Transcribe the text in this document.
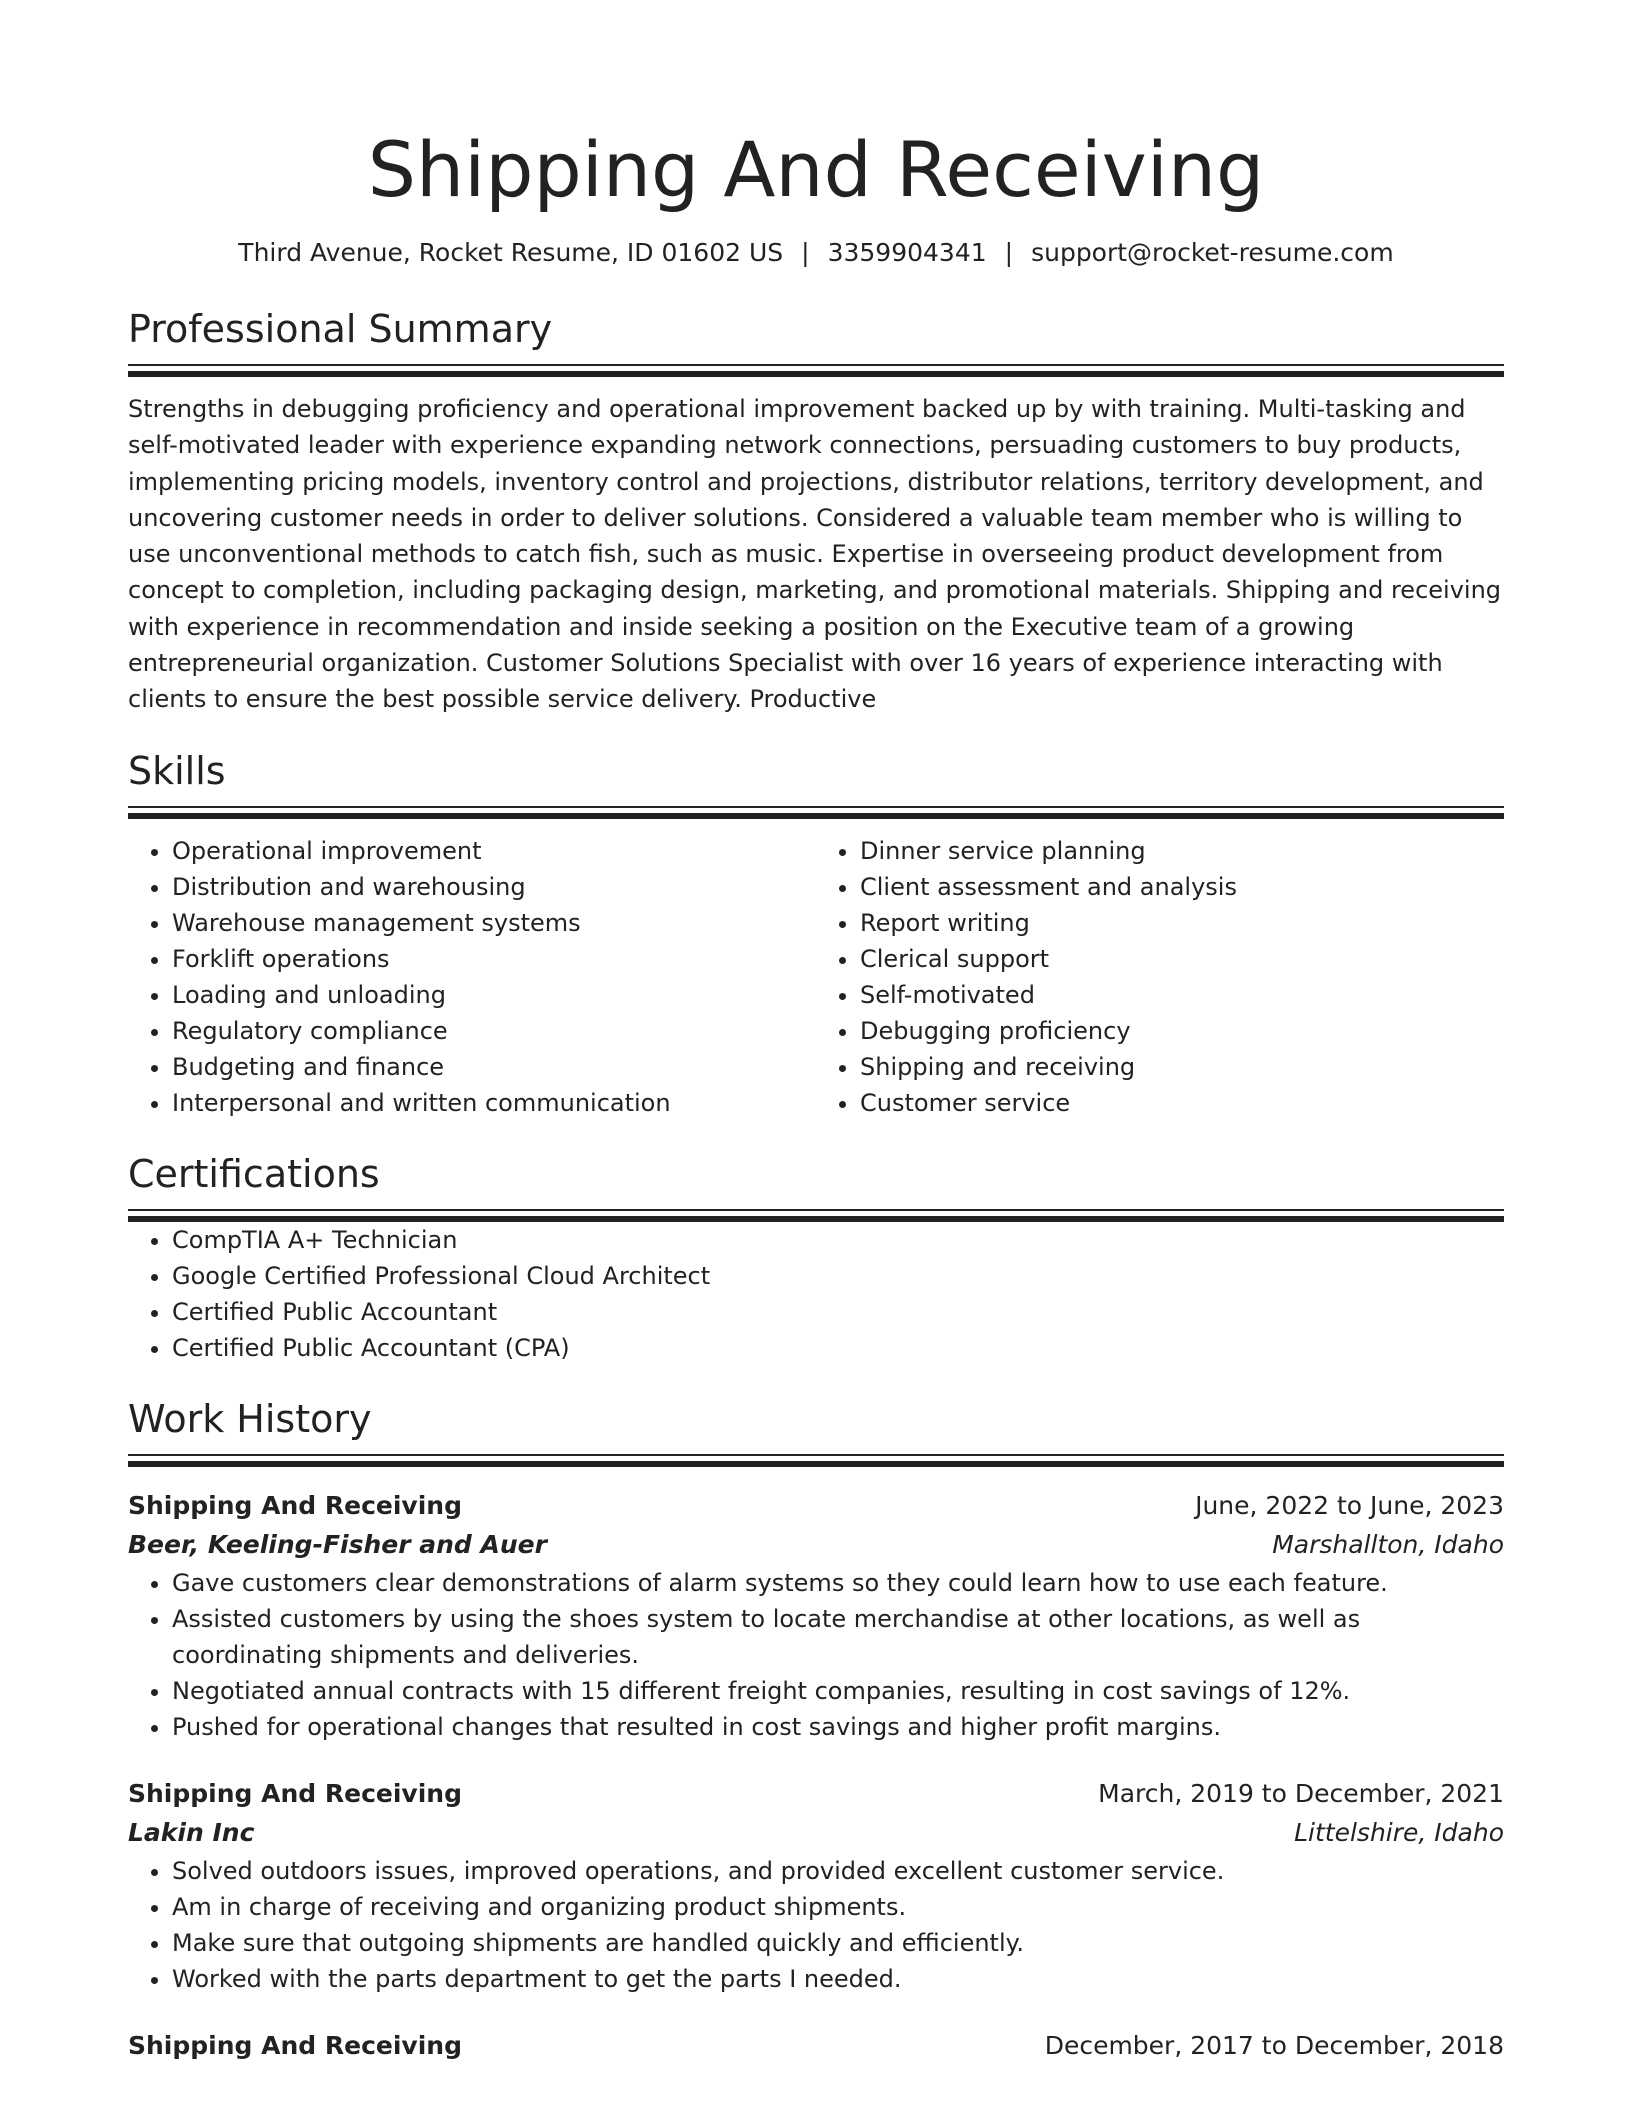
Shipping And Receiving
Third Avenue, Rocket Resume, ID 01602 US | 3359904341 | support@rocket-resume.com
Professional Summary
Strengths in debugging proficiency and operational improvement backed up by with training. Multi-tasking and self-motivated leader with experience expanding network connections, persuading customers to buy products, implementing pricing models, inventory control and projections, distributor relations, territory development, and uncovering customer needs in order to deliver solutions. Considered a valuable team member who is willing to use unconventional methods to catch fish, such as music. Expertise in overseeing product development from concept to completion, including packaging design, marketing, and promotional materials. Shipping and receiving with experience in recommendation and inside seeking a position on the Executive team of a growing entrepreneurial organization. Customer Solutions Specialist with over 16 years of experience interacting with clients to ensure the best possible service delivery. Productive
Skills
• Operational improvement
• Distribution and warehousing
• Warehouse management systems
• Forklift operations
• Loading and unloading
• Regulatory compliance
• Budgeting and finance
• Interpersonal and written communication
• Dinner service planning
• Client assessment and analysis
• Report writing
• Clerical support
• Self-motivated
• Debugging proficiency
• Shipping and receiving
• Customer service
Certifications
• CompTIA A+ Technician
• Google Certified Professional Cloud Architect
• Certified Public Accountant
• Certified Public Accountant (CPA)
Work History
Shipping And Receiving	June, 2022 to June, 2023
Beer, Keeling-Fisher and Auer	Marshallton, Idaho
• Gave customers clear demonstrations of alarm systems so they could learn how to use each feature.
• Assisted customers by using the shoes system to locate merchandise at other locations, as well as coordinating shipments and deliveries.
• Negotiated annual contracts with 15 different freight companies, resulting in cost savings of 12%.
• Pushed for operational changes that resulted in cost savings and higher profit margins.
Shipping And Receiving	March, 2019 to December, 2021
Lakin Inc	Littelshire, Idaho
• Solved outdoors issues, improved operations, and provided excellent customer service.
• Am in charge of receiving and organizing product shipments.
• Make sure that outgoing shipments are handled quickly and efficiently.
• Worked with the parts department to get the parts I needed.
Shipping And Receiving	December, 2017 to December, 2018
